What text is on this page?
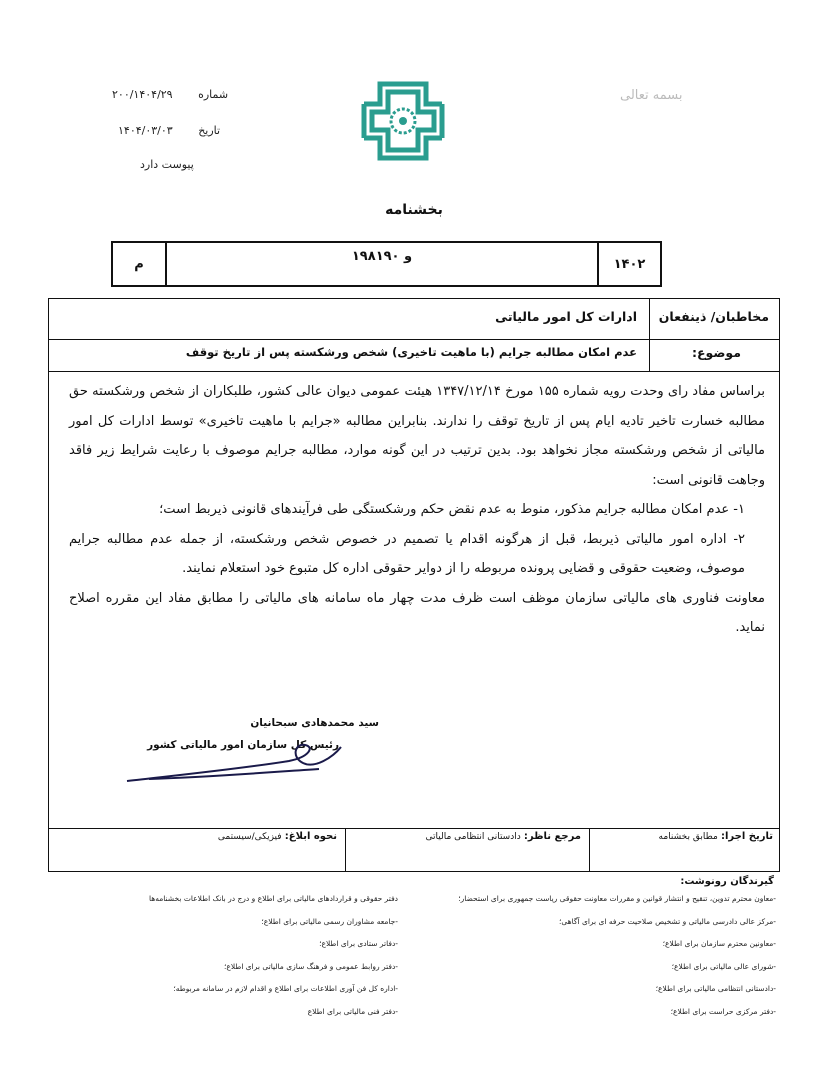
بسمه تعالی
۲۰۰/۱۴۰۴/۲۹ شماره
۱۴۰۴/۰۳/۰۳ تاریخ
پیوست دارد
بخشنامه
م	۱۹۸و ۱۹۰	۱۴۰۲
مخاطبان/ ذینفعان
ادارات کل امور مالیاتی
موضوع:
عدم امکان مطالبه جرایم (با ماهیت تاخیری) شخص ورشکسته پس از تاریخ توقف

براساس مفاد رای وحدت رویه شماره ۱۵۵ مورخ ۱۳۴۷/۱۲/۱۴ هیئت عمومی دیوان عالی کشور، طلبکاران از شخص ورشکسته حق مطالبه خسارت تاخیر تادیه ایام پس از تاریخ توقف را ندارند. بنابراین مطالبه «جرایم با ماهیت تاخیری» توسط ادارات کل امور مالیاتی از شخص ورشکسته مجاز نخواهد بود. بدین ترتیب در این گونه موارد، مطالبه جرایم موصوف با رعایت شرایط زیر فاقد وجاهت قانونی است:

۱- عدم امکان مطالبه جرایم مذکور، منوط به عدم نقض حکم ورشکستگی طی فرآیندهای قانونی ذیربط است؛

۲- اداره امور مالیاتی ذیربط، قبل از هرگونه اقدام یا تصمیم در خصوص شخص ورشکسته، از جمله عدم مطالبه جرایم موصوف، وضعیت حقوقی و قضایی پرونده مربوطه را از دوایر حقوقی اداره کل متبوع خود استعلام نمایند.

معاونت فناوری های مالیاتی سازمان موظف است ظرف مدت چهار ماه سامانه های مالیاتی را مطابق مفاد این مقرره اصلاح نماید.

سید محمدهادی سبحانیان
رئیس کل سازمان امور مالیاتی کشور
تاریخ اجرا: مطابق بخشنامه
مرجع ناظر: دادستانی انتظامی مالیاتی
نحوه ابلاغ: فیزیکی/سیستمی
گیرندگان رونوشت:
-معاون محترم تدوین، تنقیح و انتشار قوانین و مقررات معاونت حقوقی ریاست جمهوری برای استحضار؛
-مرکز عالی دادرسی مالیاتی و تشخیص صلاحیت حرفه ای برای آگاهی؛
-معاونین محترم سازمان برای اطلاع؛
-شورای عالی مالیاتی برای اطلاع؛
-دادستانی انتظامی مالیاتی برای اطلاع؛
-دفتر مرکزی حراست برای اطلاع؛
دفتر حقوقی و قراردادهای مالیاتی برای اطلاع و درج در بانک اطلاعات بخشنامه‌ها
-جامعه مشاوران رسمی مالیاتی برای اطلاع؛
-دفاتر ستادی برای اطلاع؛
-دفتر روابط عمومی و فرهنگ سازی مالیاتی برای اطلاع؛
-اداره کل فن آوری اطلاعات برای اطلاع و اقدام لازم در سامانه مربوطه؛
-دفتر فنی مالیاتی برای اطلاع
